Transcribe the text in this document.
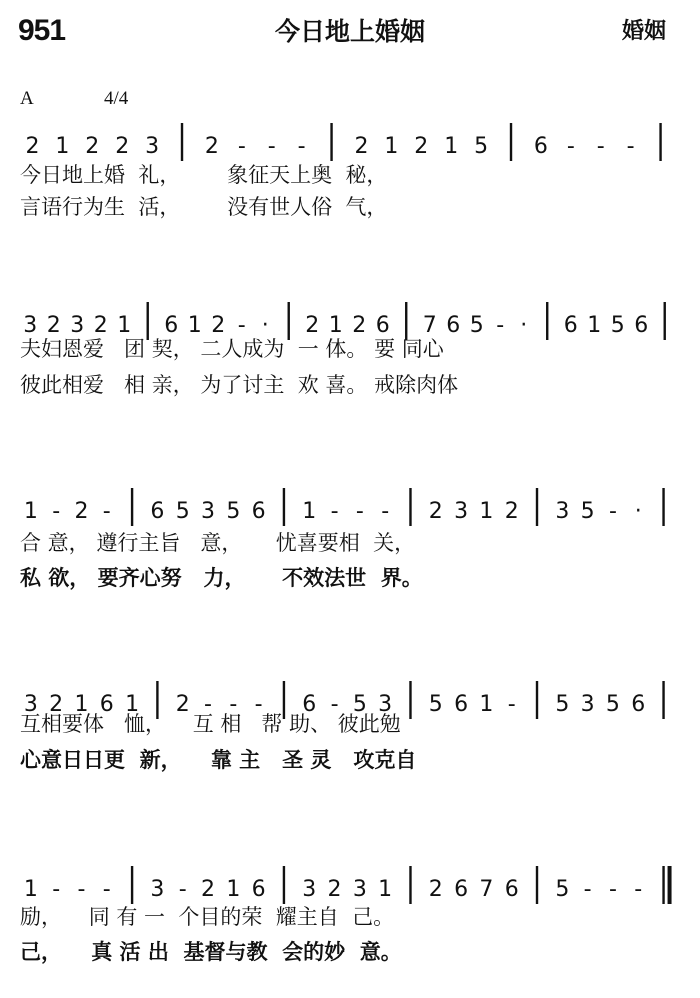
951	今日地上婚姻	婚姻
A	4/4
2 1 2 2 3 2 - - - 2 1 2 1 5 6 - - -
3 2 3 2 1 6 1 2 - · 2 1 2 6 7 6 5 - · 6 1 5 6
1 - 2 - 6 5 3 5 6 1 - - - 2 3 1 2 3 5 - ·
3 2 1 6 1 2 - - - 6 - 5 3 5 6 1 - 5 3 5 6
1 - - - 3 - 2 1 6 3 2 3 1 2 6 7 6 5 - - -
今日地上婚  礼，       象征天上奥  秘，
言语行为生  活，       没有世人俗  气，
夫妇恩爱   团 契， 二人成为  一 体。 要 同心
彼此相爱   相 亲， 为了讨主  欢 喜。 戒除肉体
合 意， 遵行主旨   意，     忧喜要相  关，
私 欲， 要齐心努   力，     不效法世  界。
互相要体   恤，    互 相   帮 助、 彼此勉
心意日日更  新，    靠 主   圣 灵   攻克自
励，    同 有 一  个目的荣  耀主自  己。
己，    真 活 出  基督与教  会的妙  意。
